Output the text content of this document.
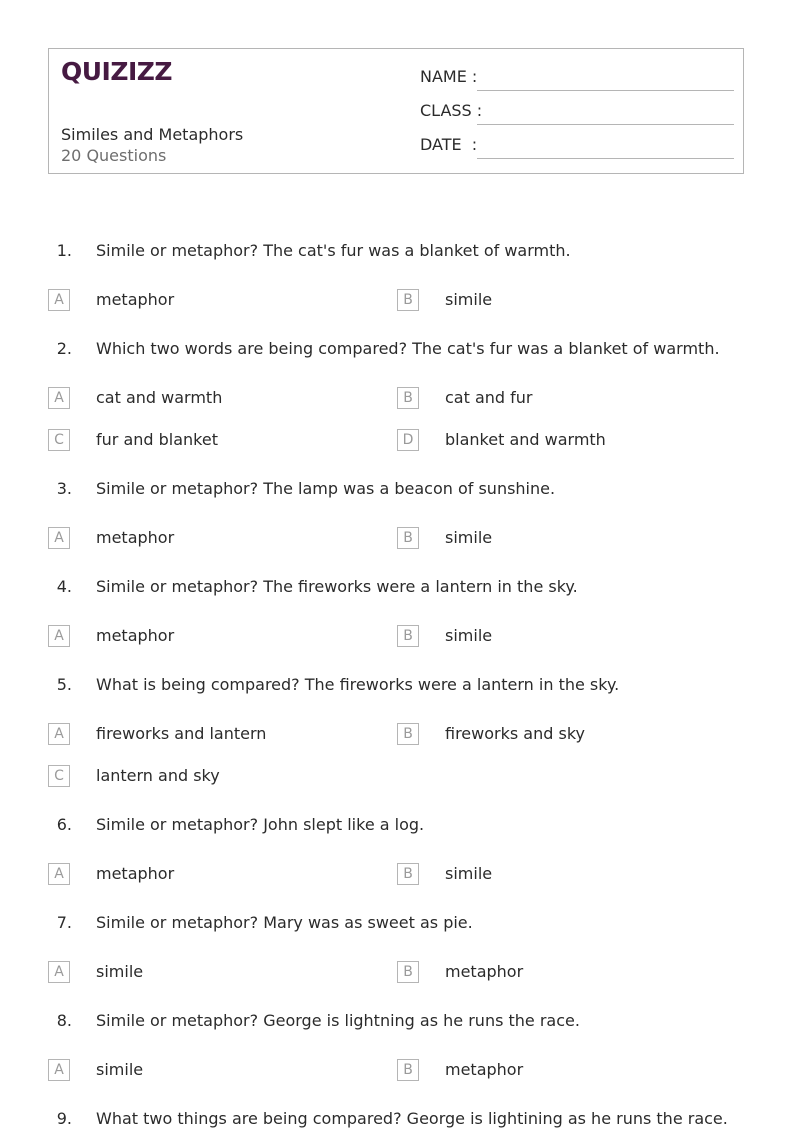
QUIZIZZ
Similes and Metaphors
20 Questions
NAME :
CLASS :
DATE  :
1. Simile or metaphor? The cat's fur was a blanket of warmth.
A	metaphor	B	simile
2. Which two words are being compared? The cat's fur was a blanket of warmth.
A	cat and warmth	B	cat and fur
C	fur and blanket	D	blanket and warmth
3. Simile or metaphor? The lamp was a beacon of sunshine.
A	metaphor	B	simile
4. Simile or metaphor? The fireworks were a lantern in the sky.
A	metaphor	B	simile
5. What is being compared? The fireworks were a lantern in the sky.
A	fireworks and lantern	B	fireworks and sky
C	lantern and sky
6. Simile or metaphor? John slept like a log.
A	metaphor	B	simile
7. Simile or metaphor? Mary was as sweet as pie.
A	simile	B	metaphor
8. Simile or metaphor? George is lightning as he runs the race.
A	simile	B	metaphor
9. What two things are being compared? George is lightining as he runs the race.
